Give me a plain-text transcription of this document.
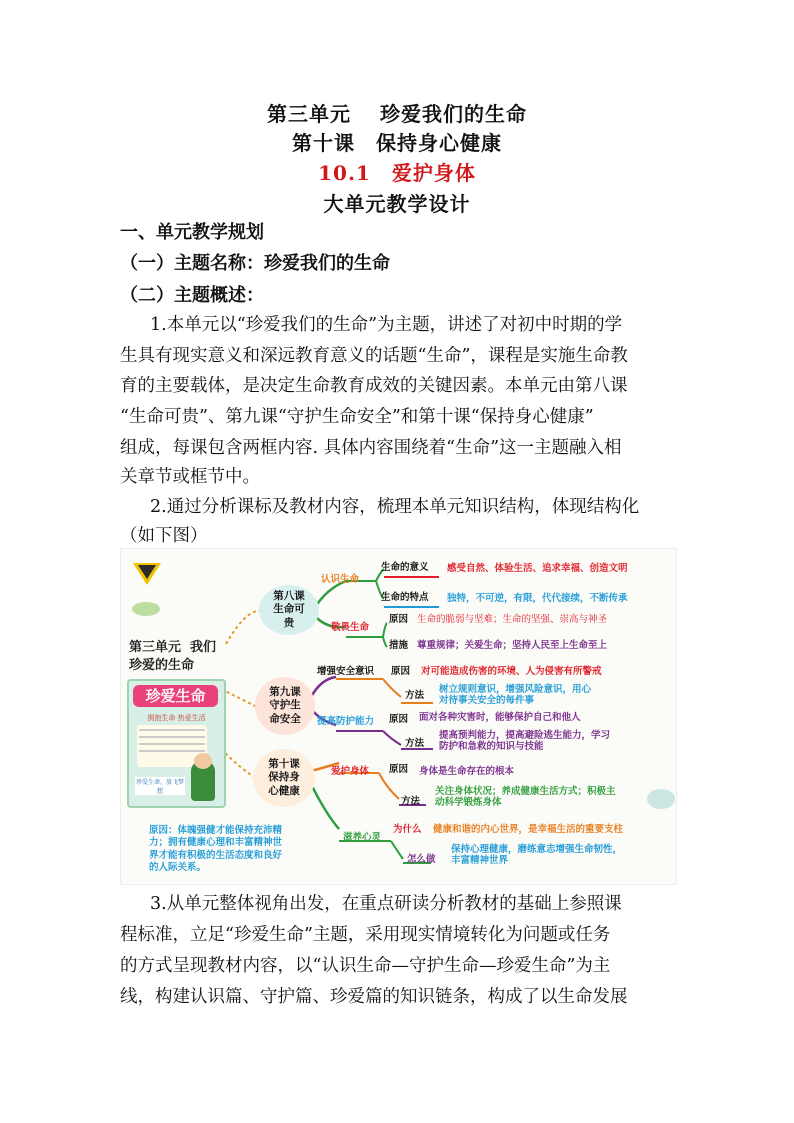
第三单元　 珍爱我们的生命
第十课　保持身心健康
10.1　爱护身体
大单元教学设计
一、单元教学规划
（一）主题名称：珍爱我们的生命
（二）主题概述：
1.本单元以“珍爱我们的生命”为主题，讲述了对初中时期的学
生具有现实意义和深远教育意义的话题“生命”，课程是实施生命教
育的主要载体，是决定生命教育成效的关键因素。本单元由第八课
“生命可贵”、第九课“守护生命安全”和第十课“保持身心健康”
组成，每课包含两框内容. 具体内容围绕着“生命”这一主题融入相
关章节或框节中。
2.通过分析课标及教材内容，梳理本单元知识结构，体现结构化
（如下图）
第三单元  我们
珍爱的生命
珍爱生命
拥抱生命 热爱生活
珍爱生命，放飞梦想
原因：体魄强健才能保持充沛精
力；拥有健康心理和丰富精神世
界才能有积极的生活态度和良好
的人际关系。
第八课
生命可
贵
第九课
守护生
命安全
第十课
保持身
心健康
认识生命
生命的意义 感受自然、体验生活、追求幸福、创造文明
生命的特点 独特，不可逆，有限，代代接续，不断传承
敬畏生命
原因 生命的脆弱与坚难；生命的坚强、崇高与神圣
措施 尊重规律；关爱生命；坚持人民至上生命至上
增强安全意识 原因 对可能造成伤害的环境、人为侵害有所警戒
方法
树立规则意识，增强风险意识，用心
对待事关安全的每件事
提高防护能力 原因 面对各种灾害时，能够保护自己和他人
方法
提高预判能力，提高避险逃生能力，学习
防护和急救的知识与技能
爱护身体 原因 身体是生命存在的根本
方法
关注身体状况；养成健康生活方式；积极主
动科学锻炼身体
滋养心灵
为什么 健康和谐的内心世界，是幸福生活的重要支柱
怎么做
保持心理健康，磨练意志增强生命韧性，
丰富精神世界
3.从单元整体视角出发，在重点研读分析教材的基础上参照课
程标准，立足“珍爱生命”主题，采用现实情境转化为问题或任务
的方式呈现教材内容，以“认识生命—守护生命—珍爱生命”为主
线，构建认识篇、守护篇、珍爱篇的知识链条，构成了以生命发展
